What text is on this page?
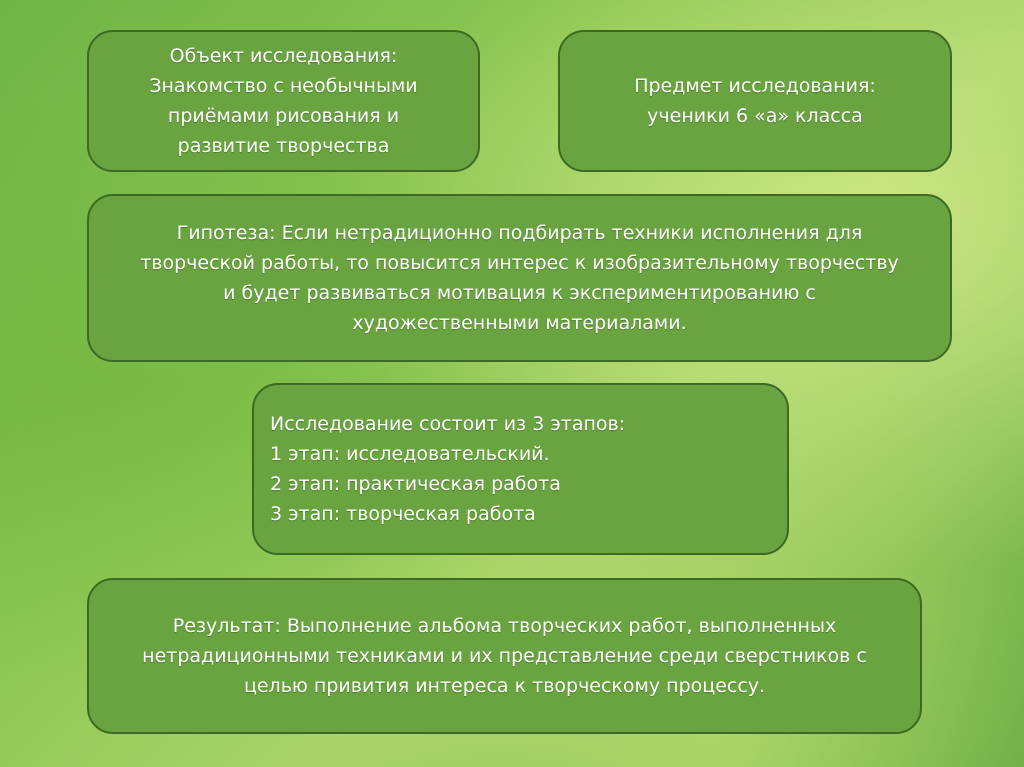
Объект исследования:
Знакомство с необычными
приёмами рисования и
развитие творчества
Предмет исследования:
ученики 6 «а» класса
Гипотеза: Если нетрадиционно подбирать техники исполнения для
творческой работы, то повысится интерес к изобразительному творчеству
и будет развиваться мотивация к экспериментированию с
художественными материалами.
Исследование состоит из 3 этапов:
1 этап: исследовательский.
2 этап: практическая работа
3 этап: творческая работа
Результат: Выполнение альбома творческих работ, выполненных
нетрадиционными техниками и их представление среди сверстников с
целью привития интереса к творческому процессу.
